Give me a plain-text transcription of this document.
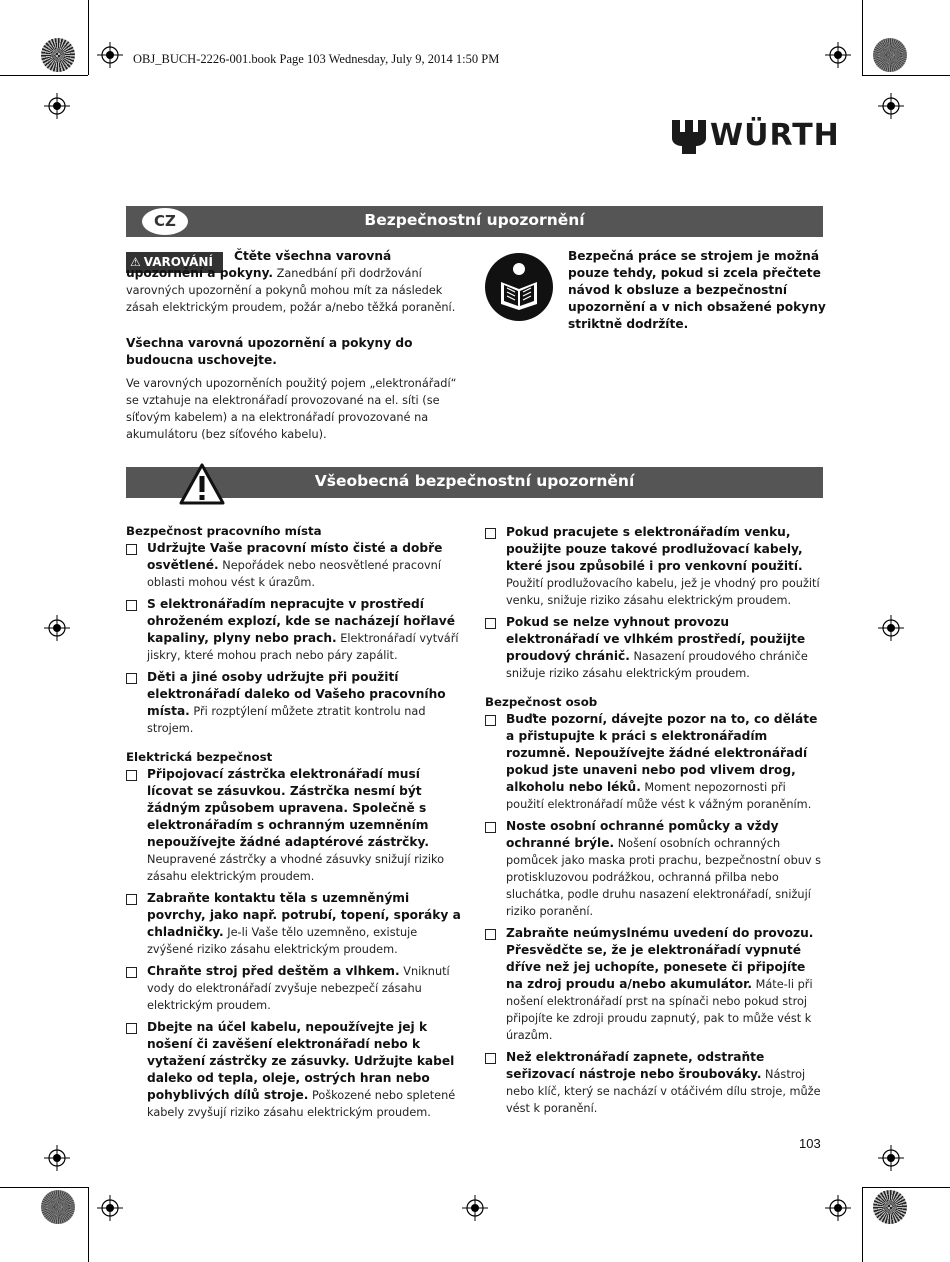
OBJ_BUCH-2226-001.book Page 103 Wednesday, July 9, 2014 1:50 PM
WÜRTH
Bezpečnostní upozornění
CZ
⚠ VAROVÁNÍ	Čtěte všechna varovná upozornění a pokyny. Zanedbání při dodržování varovných upozornění a pokynů mohou mít za následek zásah elektrickým proudem, požár a/nebo těžká poranění.
Všechna varovná upozornění a pokyny do budoucna uschovejte.
Ve varovných upozorněních použitý pojem „elektronářadí“ se vztahuje na elektronářadí provozované na el. síti (se síťovým kabelem) a na elektronářadí provozované na akumulátoru (bez síťového kabelu).
Bezpečná práce se strojem je možná pouze tehdy, pokud si zcela přečtete návod k obsluze a bezpečnostní upozornění a v nich obsažené pokyny striktně dodržíte.
Všeobecná bezpečnostní upozornění
Bezpečnost pracovního místa
Udržujte Vaše pracovní místo čisté a dobře osvětlené. Nepořádek nebo neosvětlené pracovní oblasti mohou vést k úrazům.
S elektronářadím nepracujte v prostředí ohroženém explozí, kde se nacházejí hořlavé kapaliny, plyny nebo prach. Elektronářadí vytváří jiskry, které mohou prach nebo páry zapálit.
Děti a jiné osoby udržujte při použití elektronářadí daleko od Vašeho pracovního místa. Při rozptýlení můžete ztratit kontrolu nad strojem.
Elektrická bezpečnost
Připojovací zástrčka elektronářadí musí lícovat se zásuvkou. Zástrčka nesmí být žádným způsobem upravena. Společně s elektronářadím s ochranným uzemněním nepoužívejte žádné adaptérové zástrčky. Neupravené zástrčky a vhodné zásuvky snižují riziko zásahu elektrickým proudem.
Zabraňte kontaktu těla s uzemněnými povrchy, jako např. potrubí, topení, sporáky a chladničky. Je-li Vaše tělo uzemněno, existuje zvýšené riziko zásahu elektrickým proudem.
Chraňte stroj před deštěm a vlhkem. Vniknutí vody do elektronářadí zvyšuje nebezpečí zásahu elektrickým proudem.
Dbejte na účel kabelu, nepoužívejte jej k nošení či zavěšení elektronářadí nebo k vytažení zástrčky ze zásuvky. Udržujte kabel daleko od tepla, oleje, ostrých hran nebo pohyblivých dílů stroje. Poškozené nebo spletené kabely zvyšují riziko zásahu elektrickým proudem.
Pokud pracujete s elektronářadím venku, použijte pouze takové prodlužovací kabely, které jsou způsobilé i pro venkovní použití. Použití prodlužovacího kabelu, jež je vhodný pro použití venku, snižuje riziko zásahu elektrickým proudem.
Pokud se nelze vyhnout provozu elektronářadí ve vlhkém prostředí, použijte proudový chránič. Nasazení proudového chrániče snižuje riziko zásahu elektrickým proudem.
Bezpečnost osob
Buďte pozorní, dávejte pozor na to, co děláte a přistupujte k práci s elektronářadím rozumně. Nepoužívejte žádné elektronářadí pokud jste unaveni nebo pod vlivem drog, alkoholu nebo léků. Moment nepozornosti při použití elektronářadí může vést k vážným poraněním.
Noste osobní ochranné pomůcky a vždy ochranné brýle. Nošení osobních ochranných pomůcek jako maska proti prachu, bezpečnostní obuv s protiskluzovou podrážkou, ochranná přilba nebo sluchátka, podle druhu nasazení elektronářadí, snižují riziko poranění.
Zabraňte neúmyslnému uvedení do provozu. Přesvědčte se, že je elektronářadí vypnuté dříve než jej uchopíte, ponesete či připojíte na zdroj proudu a/nebo akumulátor. Máte-li při nošení elektronářadí prst na spínači nebo pokud stroj připojíte ke zdroji proudu zapnutý, pak to může vést k úrazům.
Než elektronářadí zapnete, odstraňte seřizovací nástroje nebo šroubováky. Nástroj nebo klíč, který se nachází v otáčivém dílu stroje, může vést k poranění.
103
